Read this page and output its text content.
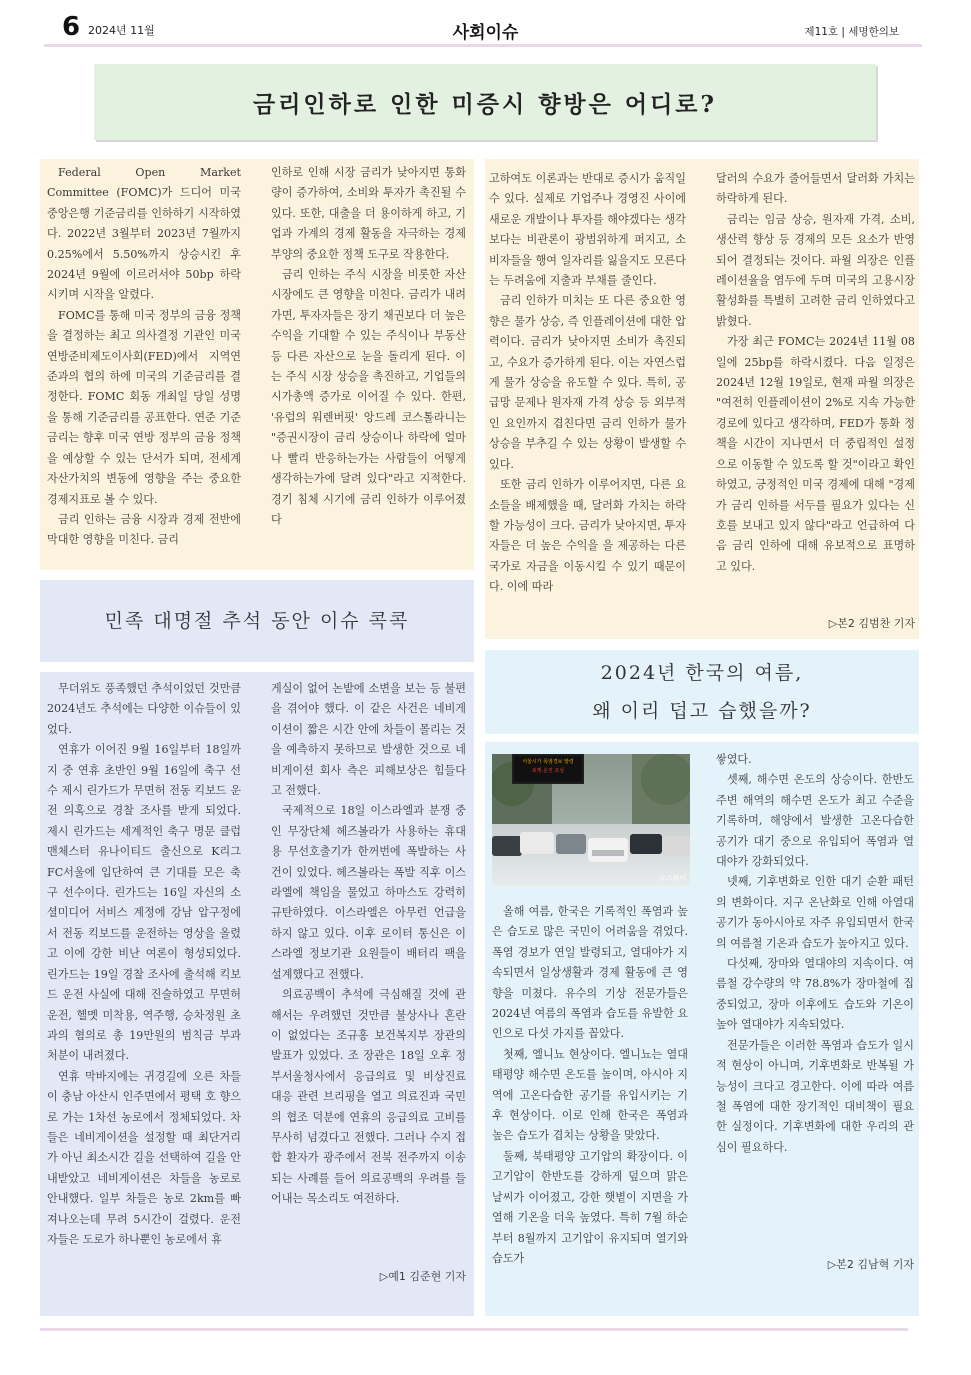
6 2024년 11월	사회이슈	제11호 | 세명한의보
금리인하로 인한 미증시 향방은 어디로?

Federal Open Market Committee (FOMC)가 드디어 미국 중앙은행 기준금리를 인하하기 시작하였다. 2022년 3월부터 2023년 7월까지 0.25%에서 5.50%까지 상승시킨 후 2024년 9월에 이르러서야 50bp 하락시키며 시작을 알렸다.

FOMC를 통해 미국 정부의 금융 정책을 결정하는 최고 의사결정 기관인 미국연방준비제도이사회(FED)에서 지역연준과의 협의 하에 미국의 기준금리를 결정한다. FOMC 회동 개최일 당일 성명을 통해 기준금리를 공표한다. 연준 기준금리는 향후 미국 연방 정부의 금융 정책을 예상할 수 있는 단서가 되며, 전세계 자산가치의 변동에 영향을 주는 중요한 경제지표로 볼 수 있다.

금리 인하는 금융 시장과 경제 전반에 막대한 영향을 미친다. 금리

인하로 인해 시장 금리가 낮아지면 통화량이 증가하여, 소비와 투자가 촉진될 수 있다. 또한, 대출을 더 용이하게 하고, 기업과 가계의 경제 활동을 자극하는 경제 부양의 중요한 정책 도구로 작용한다.

금리 인하는 주식 시장을 비롯한 자산 시장에도 큰 영향을 미친다. 금리가 내려가면, 투자자들은 장기 채권보다 더 높은 수익을 기대할 수 있는 주식이나 부동산 등 다른 자산으로 눈을 돌리게 된다. 이는 주식 시장 상승을 촉진하고, 기업들의 시가총액 증가로 이어질 수 있다. 한편, '유럽의 워렌버핏' 앙드레 코스톨라니는 "증권시장이 금리 상승이나 하락에 얼마나 빨리 반응하는가는 사람들이 어떻게 생각하는가에 달려 있다"라고 지적한다. 경기 침체 시기에 금리 인하가 이루어졌다

고하여도 이론과는 반대로 증시가 움직일 수 있다. 실제로 기업주나 경영진 사이에 새로운 개발이나 투자를 해야겠다는 생각보다는 비관론이 광범위하게 퍼지고, 소비자들을 행여 일자리를 잃을지도 모른다는 두려움에 지출과 부채를 줄인다.

금리 인하가 미치는 또 다른 중요한 영향은 물가 상승, 즉 인플레이션에 대한 압력이다. 금리가 낮아지면 소비가 촉진되고, 수요가 증가하게 된다. 이는 자연스럽게 물가 상승을 유도할 수 있다. 특히, 공급망 문제나 원자재 가격 상승 등 외부적인 요인까지 겹친다면 금리 인하가 물가 상승을 부추길 수 있는 상황이 발생할 수 있다.

또한 금리 인하가 이루어지면, 다른 요소들을 배제했을 때, 달러화 가치는 하락할 가능성이 크다. 금리가 낮아지면, 투자자들은 더 높은 수익을 을 제공하는 다른 국가로 자금을 이동시킬 수 있기 때문이다. 이에 따라

달러의 수요가 줄어들면서 달러화 가치는 하락하게 된다.

금리는 임금 상승, 원자재 가격, 소비, 생산력 향상 등 경제의 모든 요소가 반영되어 결정되는 것이다. 파월 의장은 인플레이션율을 염두에 두며 미국의 고용시장 활성화를 특별히 고려한 금리 인하였다고 밝혔다.

가장 최근 FOMC는 2024년 11월 08일에 25bp를 하락시켰다. 다음 일정은 2024년 12월 19일로, 현재 파월 의장은 "여전히 인플레이션이 2%로 지속 가능한 경로에 있다고 생각하며, FED가 통화 정책을 시간이 지나면서 더 중립적인 설정으로 이동할 수 있도록 할 것"이라고 확인하였고, 긍정적인 미국 경제에 대해 "경제가 금리 인하를 서두를 필요가 있다는 신호를 보내고 있지 않다"라고 언급하여 다음 금리 인하에 대해 유보적으로 표명하고 있다.

▷본2 김범찬 기자
민족 대명절 추석 동안 이슈 콕콕

무더위도 풍족했던 추석이었던 것만큼 2024년도 추석에는 다양한 이슈들이 있었다.

연휴가 이어진 9월 16일부터 18일까지 중 연휴 초반인 9월 16일에 축구 선수 제시 린가드가 무면허 전동 킥보드 운전 의혹으로 경찰 조사를 받게 되었다. 제시 린가드는 세계적인 축구 명문 클럽 맨체스터 유나이티드 출신으로 K리그 FC서울에 입단하여 큰 기대를 모은 축구 선수이다. 린가드는 16일 자신의 소셜미디어 서비스 계정에 강남 압구정에서 전동 킥보드를 운전하는 영상을 올렸고 이에 강한 비난 여론이 형성되었다. 린가드는 19일 경찰 조사에 출석해 킥보드 운전 사실에 대해 진술하였고 무면허 운전, 헬멧 미착용, 역주행, 승차정원 초과의 혐의로 총 19만원의 범칙금 부과 처분이 내려졌다.

연휴 막바지에는 귀경길에 오른 차들이 충남 아산시 인주면에서 평택 호 향으로 가는 1차선 농로에서 정체되었다. 차들은 네비게이션을 설정할 때 최단거리가 아닌 최소시간 길을 선택하여 길을 안내받았고 네비게이션은 차들을 농로로 안내했다. 일부 차들은 농로 2km를 빠져나오는데 무려 5시간이 걸렸다. 운전자들은 도로가 하나뿐인 농로에서 휴

게실이 없어 논밭에 소변을 보는 등 불편을 겪어야 했다. 이 같은 사건은 네비게이션이 짧은 시간 안에 차들이 몰리는 것을 예측하지 못하므로 발생한 것으로 네비게이션 회사 측은 피해보상은 힘들다고 전했다.

국제적으로 18일 이스라엘과 분쟁 중인 무장단체 헤즈볼라가 사용하는 휴대용 무선호출기가 한꺼번에 폭발하는 사건이 있었다. 헤즈볼라는 폭발 직후 이스라엘에 책임을 물었고 하마스도 강력히 규탄하였다. 이스라엘은 아무런 언급을 하지 않고 있다. 이후 로이터 통신은 이스라엘 정보기관 요원들이 배터리 팩을 설계했다고 전했다.

의료공백이 추석에 극심해질 것에 관해서는 우려했던 것만큼 불상사나 혼란이 없었다는 조규홍 보건복지부 장관의 발표가 있었다. 조 장관은 18일 오후 정부서울청사에서 응급의료 및 비상진료 대응 관련 브리핑을 열고 의료진과 국민의 협조 덕분에 연휴의 응급의료 고비를 무사히 넘겼다고 전했다. 그러나 수지 접합 환자가 광주에서 전북 전주까지 이송되는 사례를 들어 의료공백의 우려를 들어내는 목소리도 여전하다.

▷예1 김준현 기자
2024년 한국의 여름,
왜 이리 덥고 습했을까?
서울시가 폭염경보 발령
보행.운전 조심
뉴스웨이

올해 여름, 한국은 기록적인 폭염과 높은 습도로 많은 국민이 어려움을 겪었다. 폭염 경보가 연일 발령되고, 열대야가 지속되면서 일상생활과 경제 활동에 큰 영향을 미쳤다. 유수의 기상 전문가들은 2024년 여름의 폭염과 습도를 유발한 요인으로 다섯 가지를 꼽았다.

첫째, 엘니뇨 현상이다. 엘니뇨는 열대 태평양 해수면 온도를 높이며, 아시아 지역에 고온다습한 공기를 유입시키는 기후 현상이다. 이로 인해 한국은 폭염과 높은 습도가 겹치는 상황을 맞았다.

둘째, 북태평양 고기압의 확장이다. 이 고기압이 한반도를 강하게 덮으며 맑은 날씨가 이어졌고, 강한 햇볕이 지면을 가열해 기온을 더욱 높였다. 특히 7월 하순부터 8월까지 고기압이 유지되며 열기와 습도가

쌓였다.

셋째, 해수면 온도의 상승이다. 한반도 주변 해역의 해수면 온도가 최고 수준을 기록하며, 해양에서 발생한 고온다습한 공기가 대기 중으로 유입되어 폭염과 열대야가 강화되었다.

넷째, 기후변화로 인한 대기 순환 패턴의 변화이다. 지구 온난화로 인해 아열대 공기가 동아시아로 자주 유입되면서 한국의 여름철 기온과 습도가 높아지고 있다.

다섯째, 장마와 열대야의 지속이다. 여름철 강수량의 약 78.8%가 장마철에 집중되었고, 장마 이후에도 습도와 기온이 높아 열대야가 지속되었다.

전문가들은 이러한 폭염과 습도가 일시적 현상이 아니며, 기후변화로 반복될 가능성이 크다고 경고한다. 이에 따라 여름철 폭염에 대한 장기적인 대비책이 필요한 실정이다. 기후변화에 대한 우리의 관심이 필요하다.

▷본2 김남혁 기자
